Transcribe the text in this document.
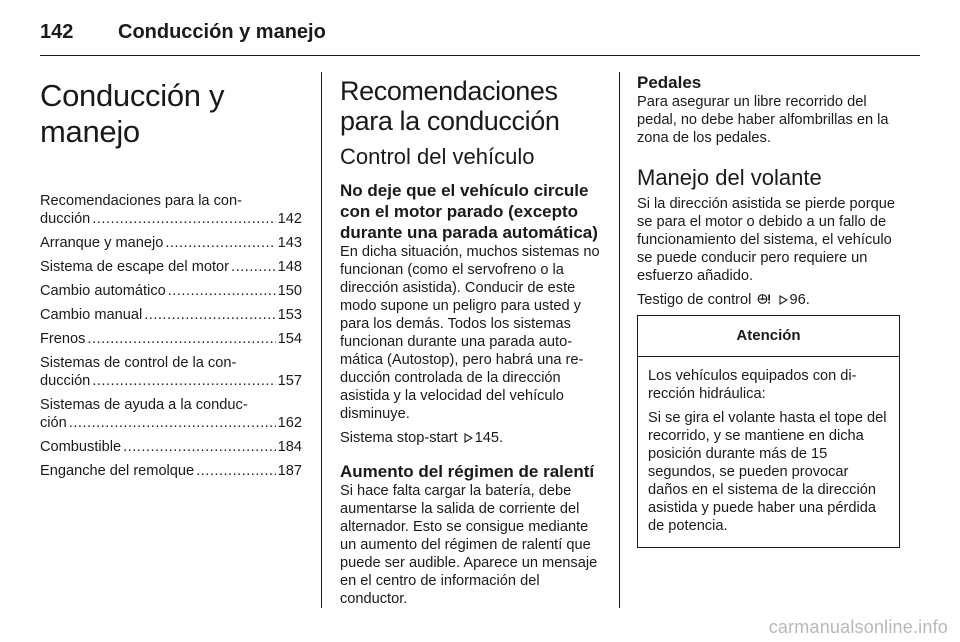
142 Conducción y manejo
Conducción y manejo
Recomendaciones para la con-
ducción .....	142
Arranque y manejo .....	143
Sistema de escape del motor .....	148
Cambio automático .....	150
Cambio manual .....	153
Frenos .....	154
Sistemas de control de la con-
ducción .....	157
Sistemas de ayuda a la conduc-
ción .....	162
Combustible .....	184
Enganche del remolque .....	187
Recomendaciones para la conducción
Control del vehículo
No deje que el vehículo circule con el motor parado (excepto durante una parada automática)

En dicha situación, muchos sistemas no funcionan (como el servofreno o la dirección asistida). Conducir de este modo supone un peligro para usted y para los demás. Todos los sistemas funcionan durante una parada automática (Autostop), pero habrá una reducción controlada de la dirección asistida y la velocidad del vehículo disminuye.

Sistema stop-start 145.

Aumento del régimen de ralentí

Si hace falta cargar la batería, debe aumentarse la salida de corriente del alternador. Esto se consigue mediante un aumento del régimen de ralentí que puede ser audible. Aparece un mensaje en el centro de información del conductor.

Pedales

Para asegurar un libre recorrido del pedal, no debe haber alfombrillas en la zona de los pedales.

Manejo del volante

Si la dirección asistida se pierde porque se para el motor o debido a un fallo de funcionamiento del sistema, el vehículo se puede conducir pero requiere un esfuerzo añadido.

Testigo de control	96.

Atención

Los vehículos equipados con dirección hidráulica:

Si se gira el volante hasta el tope del recorrido, y se mantiene en dicha posición durante más de 15 segundos, se pueden provocar daños en el sistema de la dirección asistida y puede haber una pérdida de potencia.

carmanualsonline.info
